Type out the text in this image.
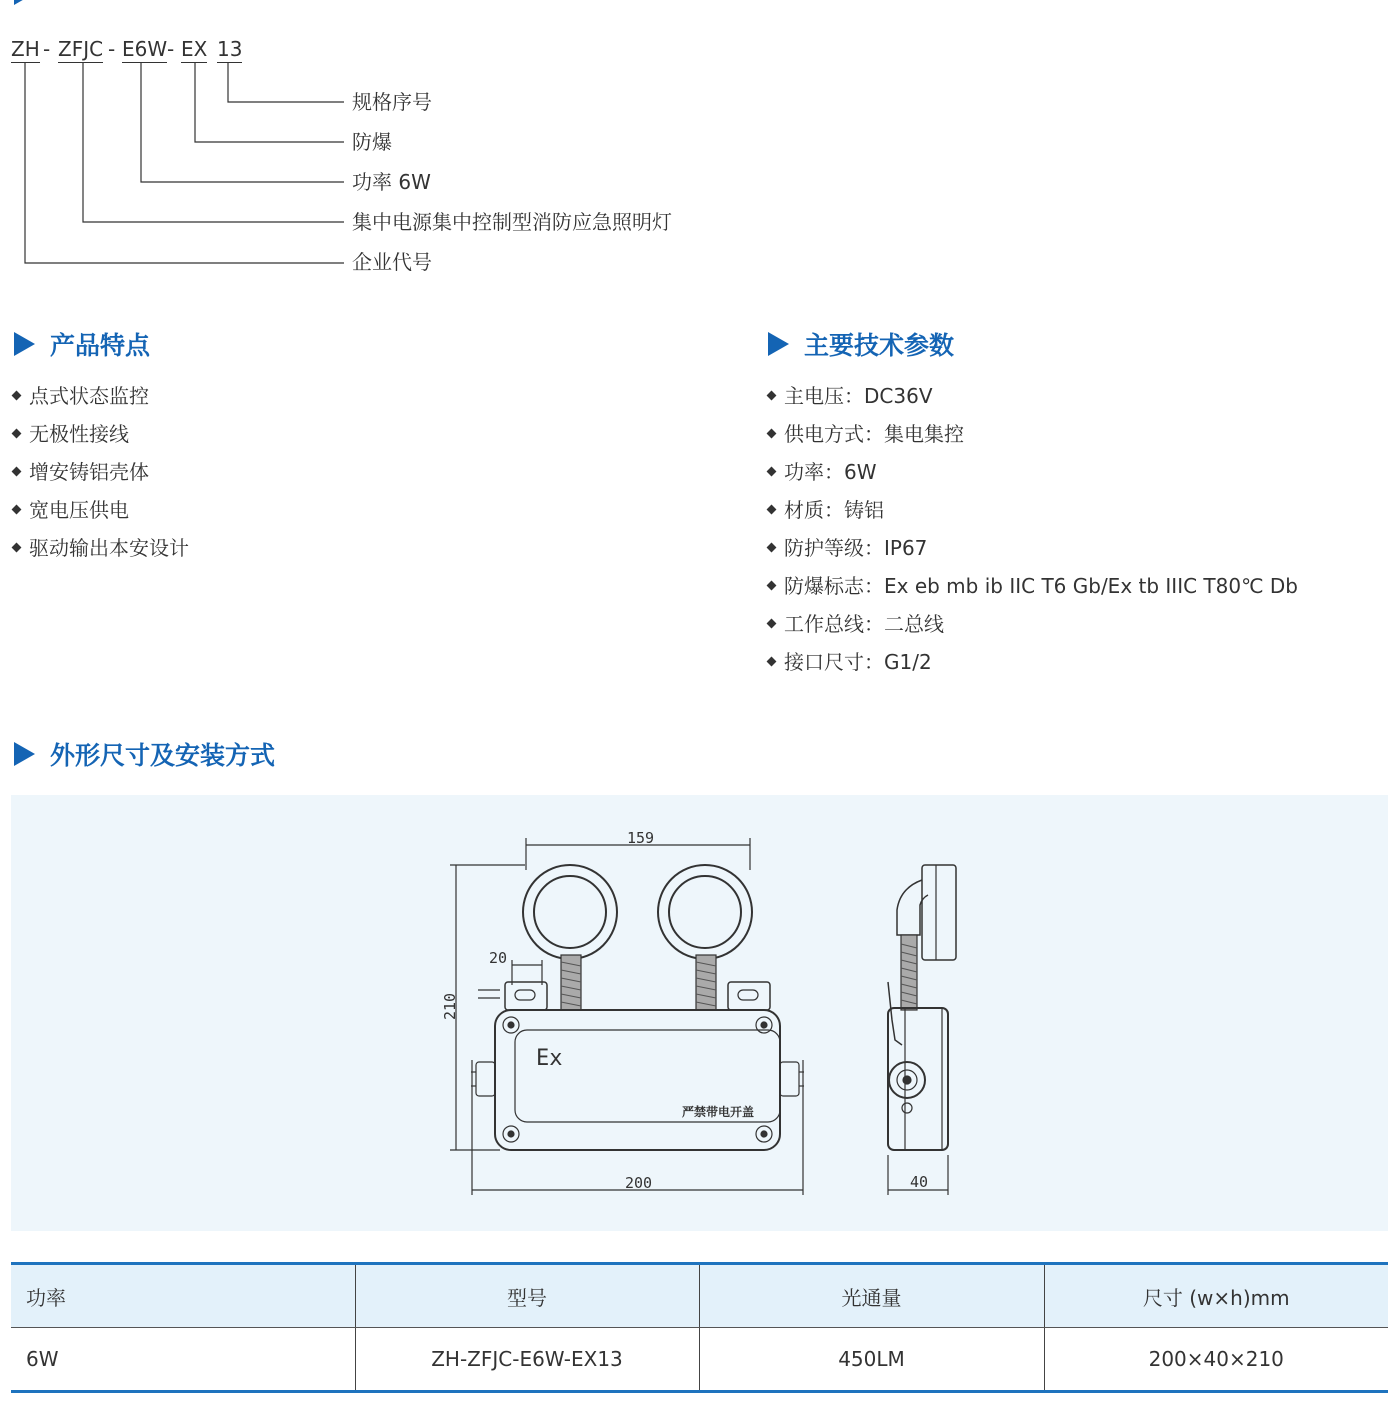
ZH - ZFJC - E6W - EX 13
规格序号
防爆
功率 6W
集中电源集中控制型消防应急照明灯
企业代号
产品特点
点式状态监控
无极性接线
增安铸铝壳体
宽电压供电
驱动输出本安设计
主要技术参数
主电压：DC36V
供电方式：集电集控
功率：6W
材质：铸铝
防护等级：IP67
防爆标志：Ex eb mb ib IIC T6 Gb/Ex tb IIIC T80℃ Db
工作总线：二总线
接口尺寸：G1/2
外形尺寸及安装方式
159
210
200
20
Ex
严禁带电开盖
40
功率	型号	光通量	尺寸 (w×h)mm
6W	ZH-ZFJC-E6W-EX13	450LM	200×40×210
